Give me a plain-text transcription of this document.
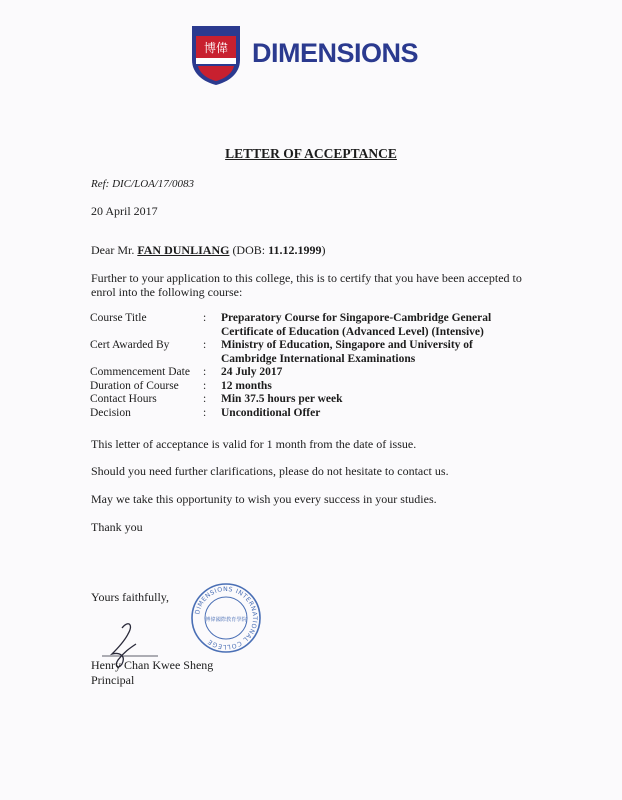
博偉 DIMENSIONS
LETTER OF ACCEPTANCE
Ref: DIC/LOA/17/0083
20 April 2017
Dear Mr. FAN DUNLIANG (DOB: 11.12.1999)
Further to your application to this college, this is to certify that you have been accepted to
enrol into the following course:
Course Title	:	Preparatory Course for Singapore-Cambridge General
Certificate of Education (Advanced Level) (Intensive)

Cert Awarded By	:	Ministry of Education, Singapore and University of
Cambridge International Examinations

Commencement Date	:	24 July 2017
Duration of Course	:	12 months
Contact Hours	:	Min 37.5 hours per week
Decision	:	Unconditional Offer
This letter of acceptance is valid for 1 month from the date of issue.
Should you need further clarifications, please do not hesitate to contact us.
May we take this opportunity to wish you every success in your studies.
Thank you
Yours faithfully,
DIMENSIONS INTERNATIONAL COLLEGE
博偉國際教育學院
Henry Chan Kwee Sheng
Principal
